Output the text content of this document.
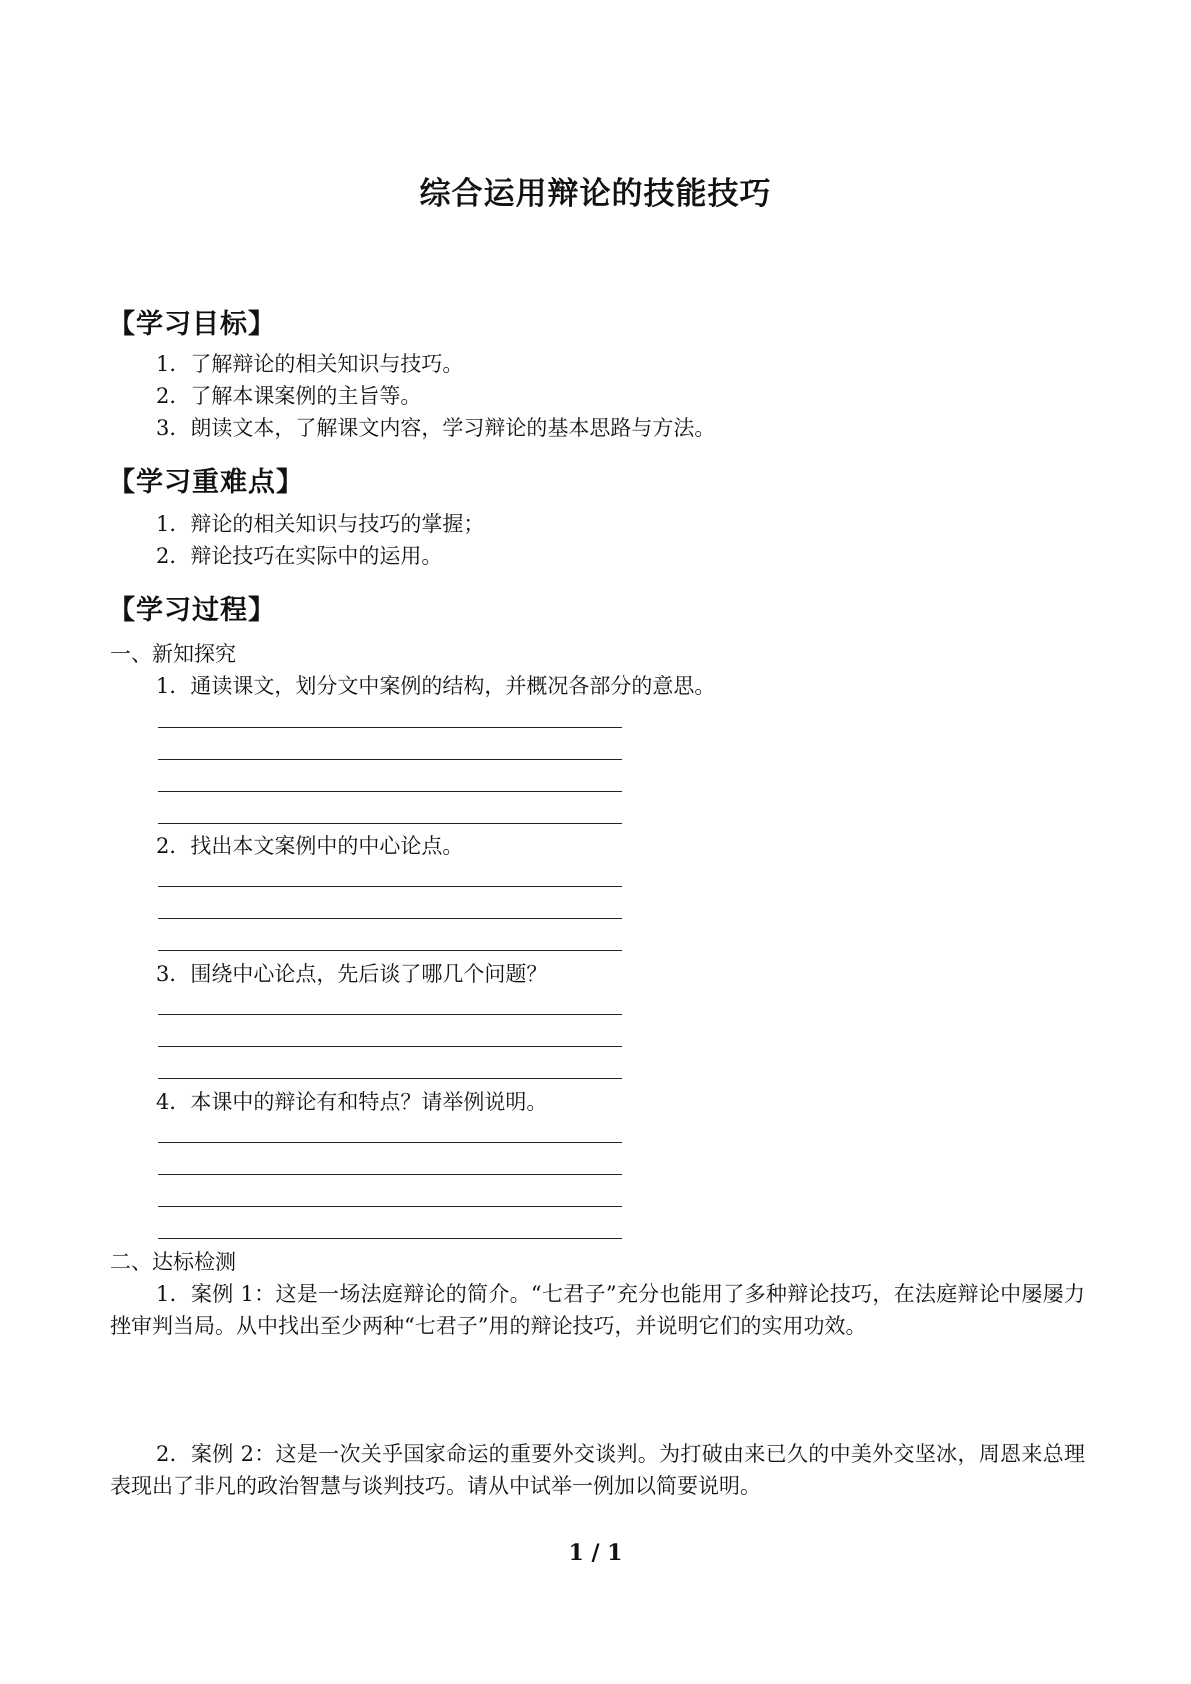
综合运用辩论的技能技巧
【学习目标】
1．了解辩论的相关知识与技巧。
2．了解本课案例的主旨等。
3．朗读文本，了解课文内容，学习辩论的基本思路与方法。
【学习重难点】
1．辩论的相关知识与技巧的掌握；
2．辩论技巧在实际中的运用。
【学习过程】
一、新知探究
1．通读课文，划分文中案例的结构，并概况各部分的意思。
2．找出本文案例中的中心论点。
3．围绕中心论点，先后谈了哪几个问题？
4．本课中的辩论有和特点？请举例说明。
二、达标检测
1．案例 1：这是一场法庭辩论的简介。“七君子”充分也能用了多种辩论技巧，在法庭辩论中屡屡力挫审判当局。从中找出至少两种“七君子”用的辩论技巧，并说明它们的实用功效。
2．案例 2：这是一次关乎国家命运的重要外交谈判。为打破由来已久的中美外交坚冰，周恩来总理表现出了非凡的政治智慧与谈判技巧。请从中试举一例加以简要说明。
1 / 1
